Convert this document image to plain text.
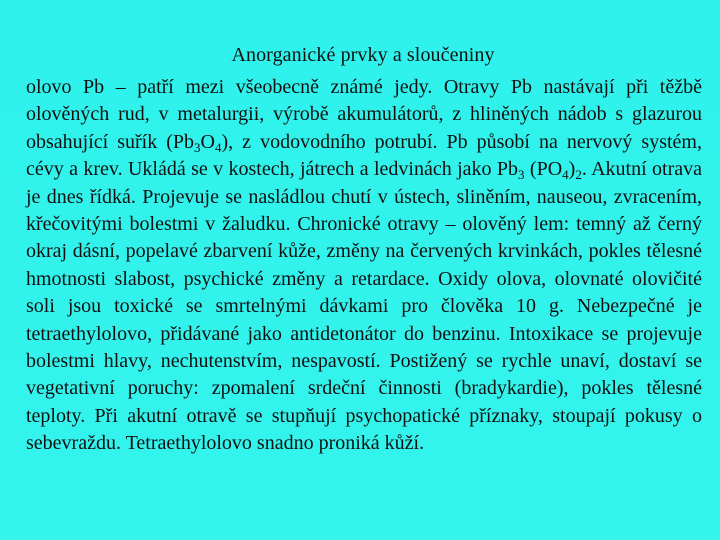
Anorganické prvky a sloučeniny

olovo Pb – patří mezi všeobecně známé jedy. Otravy Pb nastávají při těžbě olověných rud, v metalurgii, výrobě akumulátorů, z hliněných nádob s glazurou obsahující suřík $(Pb_3O_4)$, z vodovodního potrubí. Pb působí na nervový systém, cévy a krev. Ukládá se v kostech, játrech a ledvinách jako $Pb_3$ $(PO_4)_2$. Akutní otrava je dnes řídká. Projevuje se nasládlou chutí v ústech, sliněním, nauseou, zvracením, křečovitými bolestmi v žaludku. Chronické otravy – olověný lem: temný až černý okraj dásní, popelavé zbarvení kůže, změny na červených krvinkách, pokles tělesné hmotnosti slabost, psychické změny a retardace. Oxidy olova, olovnaté olovičité soli jsou toxické se smrtelnými dávkami pro člověka 10 g. Nebezpečné je tetraethylolovo, přidávané jako antidetonátor do benzinu. Intoxikace se projevuje bolestmi hlavy, nechutenstvím, nespavostí. Postižený se rychle unaví, dostaví se vegetativní poruchy: zpomalení srdeční činnosti (bradykardie), pokles tělesné teploty. Při akutní otravě se stupňují psychopatické příznaky, stoupají pokusy o sebevraždu. Tetraethylolovo snadno proniká kůží.
